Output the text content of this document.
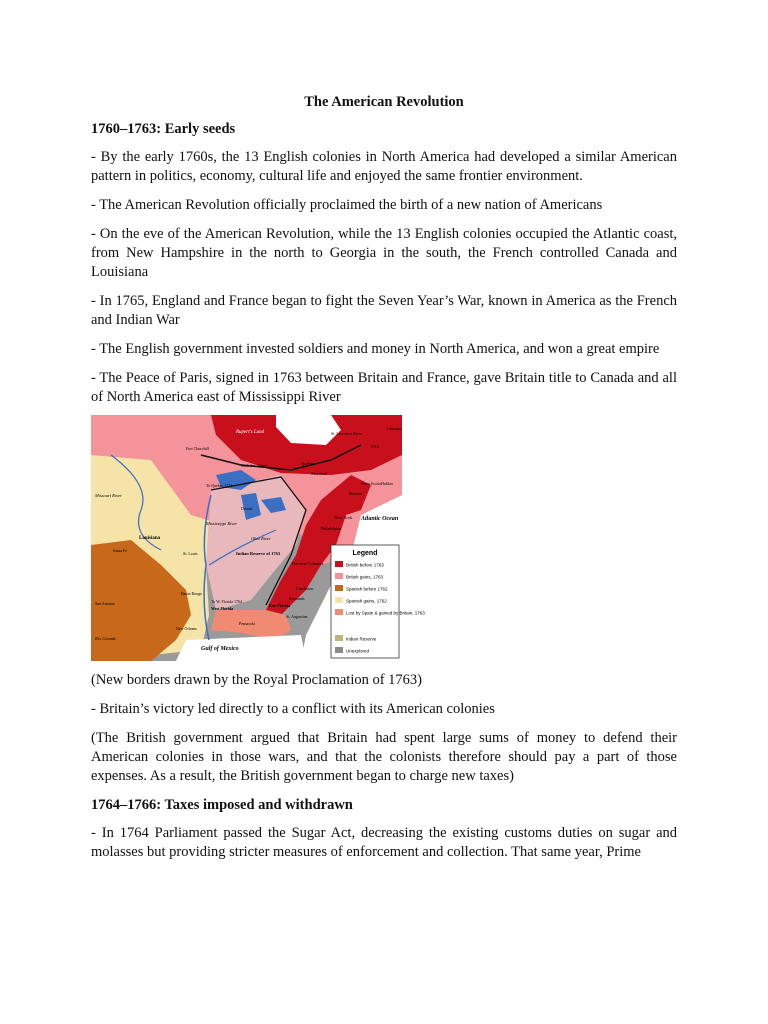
The American Revolution
1760–1763: Early seeds
- By the early 1760s, the 13 English colonies in North America had developed a similar American pattern in politics, economy, cultural life and enjoyed the same frontier environment.
- The American Revolution officially proclaimed the birth of a new nation of Americans
- On the eve of the American Revolution, while the 13 English colonies occupied the Atlantic coast, from New Hampshire in the north to Georgia in the south, the French controlled Canada and Louisiana
- In 1765, England and France began to fight the Seven Year’s War, known in America as the French and Indian War
- The English government invested soldiers and money in North America, and won a great empire
- The Peace of Paris, signed in 1763 between Britain and France, gave Britain title to Canada and all of North America east of Mississippi River
Legend
British before 1763
British gains, 1763
Spanish before 1762
Spanish gains, 1762
Lost by Spain & gained by Britain, 1763
Indian Reserve
Unexplored
Hudson Bay
Rupert's Land
Atlantic Ocean
Gulf of Mexico
Louisiana
Missouri River
Mississippi River
Ohio River
Indian Reserve of 1763
Thirteen Colonies
Quebec
Montreal
New York
Boston
Philadelphia
Charleston
Savannah
St. Augustine
New Orleans
Pensacola
San Antonio
Rio Grande
St. Louis
Detroit
To Quebec 1774	Nova Scotia
West Florida
East Florida
Santa Fe
Baton Rouge
St. Lawrence River
P.E.I.
Labrador
Halifax
Sault Ste. Marie
Fort Churchill
To W. Florida 1764
(New borders drawn by the Royal Proclamation of 1763)
- Britain’s victory led directly to a conflict with its American colonies
(The British government argued that Britain had spent large sums of money to defend their American colonies in those wars, and that the colonists therefore should pay a part of those expenses. As a result, the British government began to charge new taxes)
1764–1766: Taxes imposed and withdrawn
- In 1764 Parliament passed the Sugar Act, decreasing the existing customs duties on sugar and molasses but providing stricter measures of enforcement and collection. That same year, Prime
